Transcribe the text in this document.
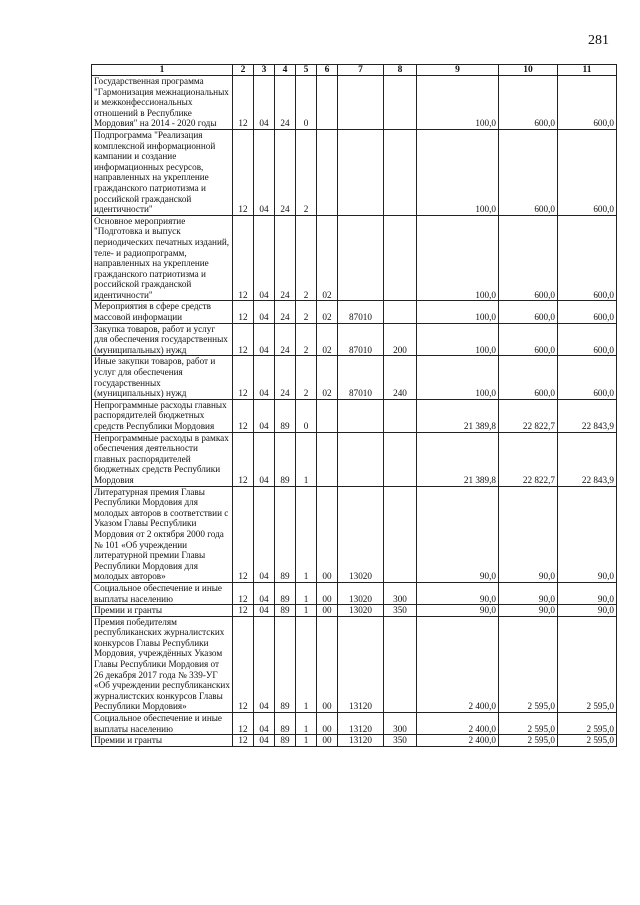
281
1	2	3	4	5	6	7	8	9	10	11
Государственная программа "Гармонизация межнациональных и межконфессиональных отношений в Республике Мордовия" на 2014 - 2020 годы	12	04	24	0				100,0	600,0	600,0
Подпрограмма "Реализация комплексной информационной кампании и создание информационных ресурсов, направленных на укрепление гражданского патриотизма и российской гражданской идентичности"	12	04	24	2				100,0	600,0	600,0
Основное мероприятие "Подготовка и выпуск периодических печатных изданий, теле- и радиопрограмм, направленных на укрепление гражданского патриотизма и российской гражданской идентичности"	12	04	24	2	02			100,0	600,0	600,0
Мероприятия в сфере средств массовой информации	12	04	24	2	02	87010		100,0	600,0	600,0
Закупка товаров, работ и услуг для обеспечения государственных (муниципальных) нужд	12	04	24	2	02	87010	200	100,0	600,0	600,0
Иные закупки товаров, работ и услуг для обеспечения государственных (муниципальных) нужд	12	04	24	2	02	87010	240	100,0	600,0	600,0
Непрограммные расходы главных распорядителей бюджетных средств Республики Мордовия	12	04	89	0				21 389,8	22 822,7	22 843,9
Непрограммные расходы в рамках обеспечения деятельности главных распорядителей бюджетных средств Республики Мордовия	12	04	89	1				21 389,8	22 822,7	22 843,9
Литературная премия Главы Республики Мордовия для молодых авторов в соответствии с Указом Главы Республики Мордовия от 2 октября 2000 года № 101 «Об учреждении литературной премии Главы Республики Мордовия для молодых авторов»	12	04	89	1	00	13020		90,0	90,0	90,0
Социальное обеспечение и иные выплаты населению	12	04	89	1	00	13020	300	90,0	90,0	90,0
Премии и гранты	12	04	89	1	00	13020	350	90,0	90,0	90,0
Премия победителям республиканских журналистских конкурсов Главы Республики Мордовия, учреждённых Указом Главы Республики Мордовия от 26 декабря 2017 года № 339-УГ «Об учреждении республиканских журналистских конкурсов Главы Республики Мордовия»	12	04	89	1	00	13120		2 400,0	2 595,0	2 595,0
Социальное обеспечение и иные выплаты населению	12	04	89	1	00	13120	300	2 400,0	2 595,0	2 595,0
Премии и гранты	12	04	89	1	00	13120	350	2 400,0	2 595,0	2 595,0
